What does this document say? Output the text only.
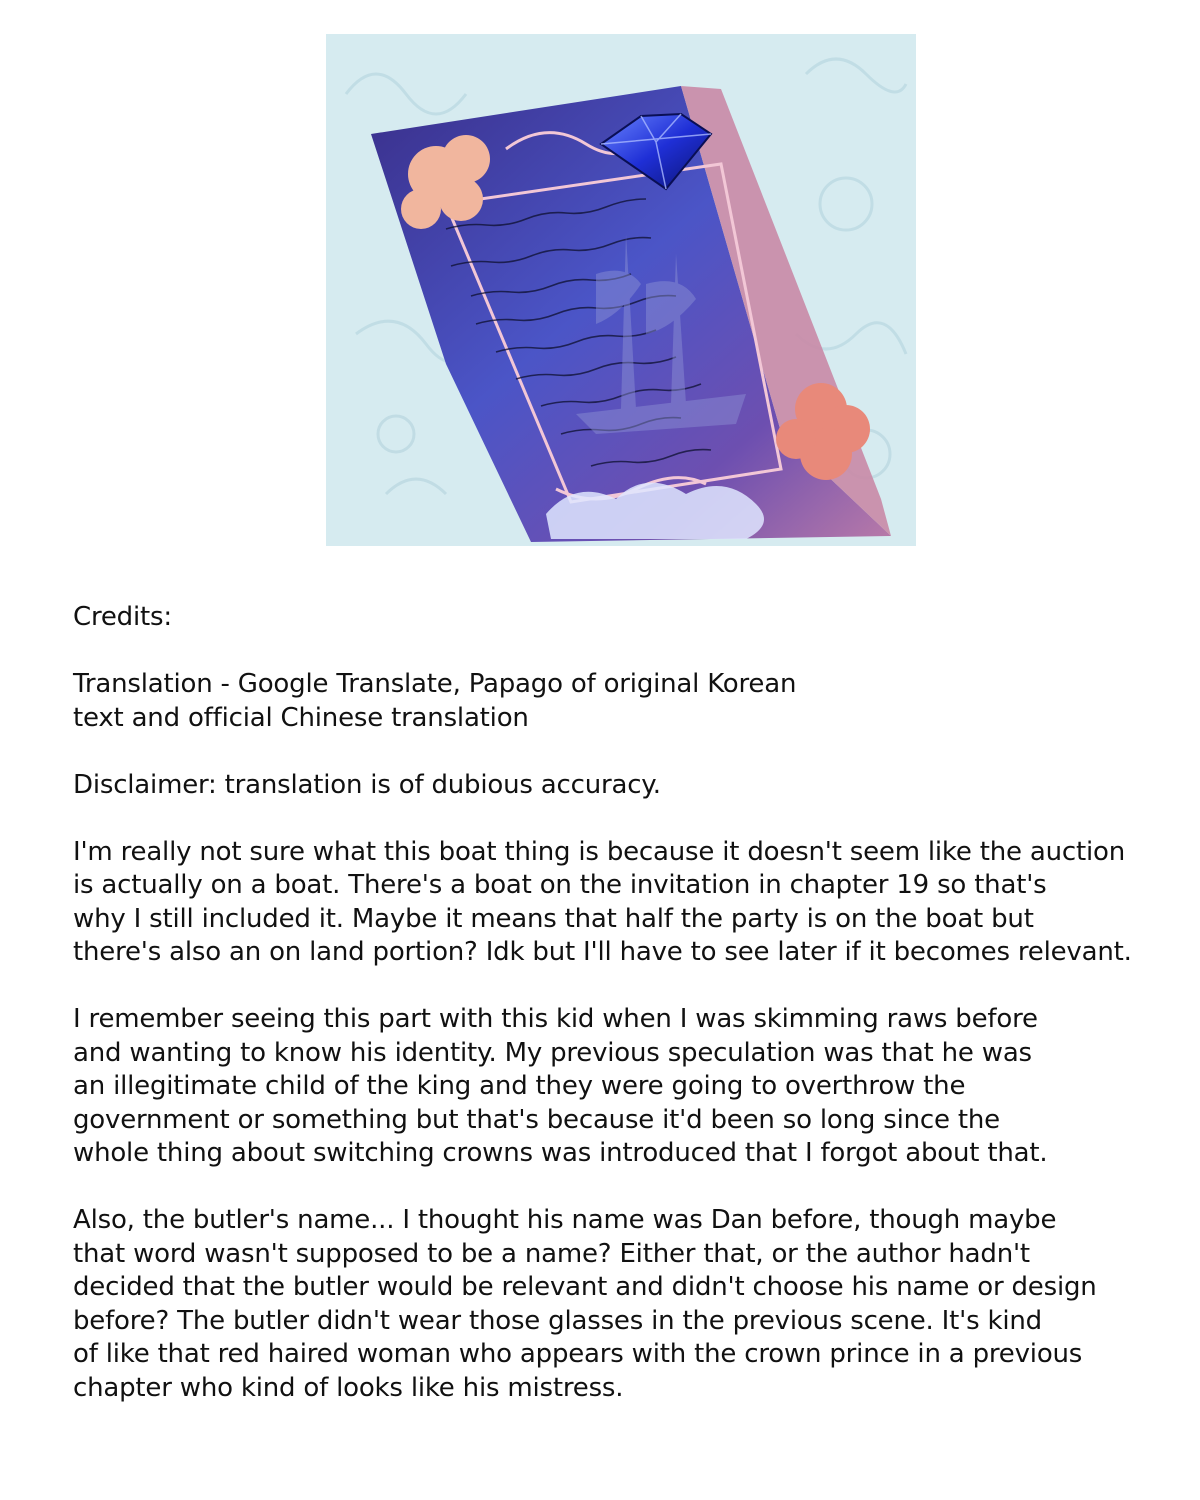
Credits:

Translation - Google Translate, Papago of original Korean
text and official Chinese translation

Disclaimer: translation is of dubious accuracy.

I'm really not sure what this boat thing is because it doesn't seem like the auction
is actually on a boat. There's a boat on the invitation in chapter 19 so that's
why I still included it. Maybe it means that half the party is on the boat but
there's also an on land portion? Idk but I'll have to see later if it becomes relevant.

I remember seeing this part with this kid when I was skimming raws before
and wanting to know his identity. My previous speculation was that he was
an illegitimate child of the king and they were going to overthrow the
government or something but that's because it'd been so long since the
whole thing about switching crowns was introduced that I forgot about that.

Also, the butler's name... I thought his name was Dan before, though maybe
that word wasn't supposed to be a name? Either that, or the author hadn't
decided that the butler would be relevant and didn't choose his name or design
before? The butler didn't wear those glasses in the previous scene. It's kind
of like that red haired woman who appears with the crown prince in a previous
chapter who kind of looks like his mistress.
